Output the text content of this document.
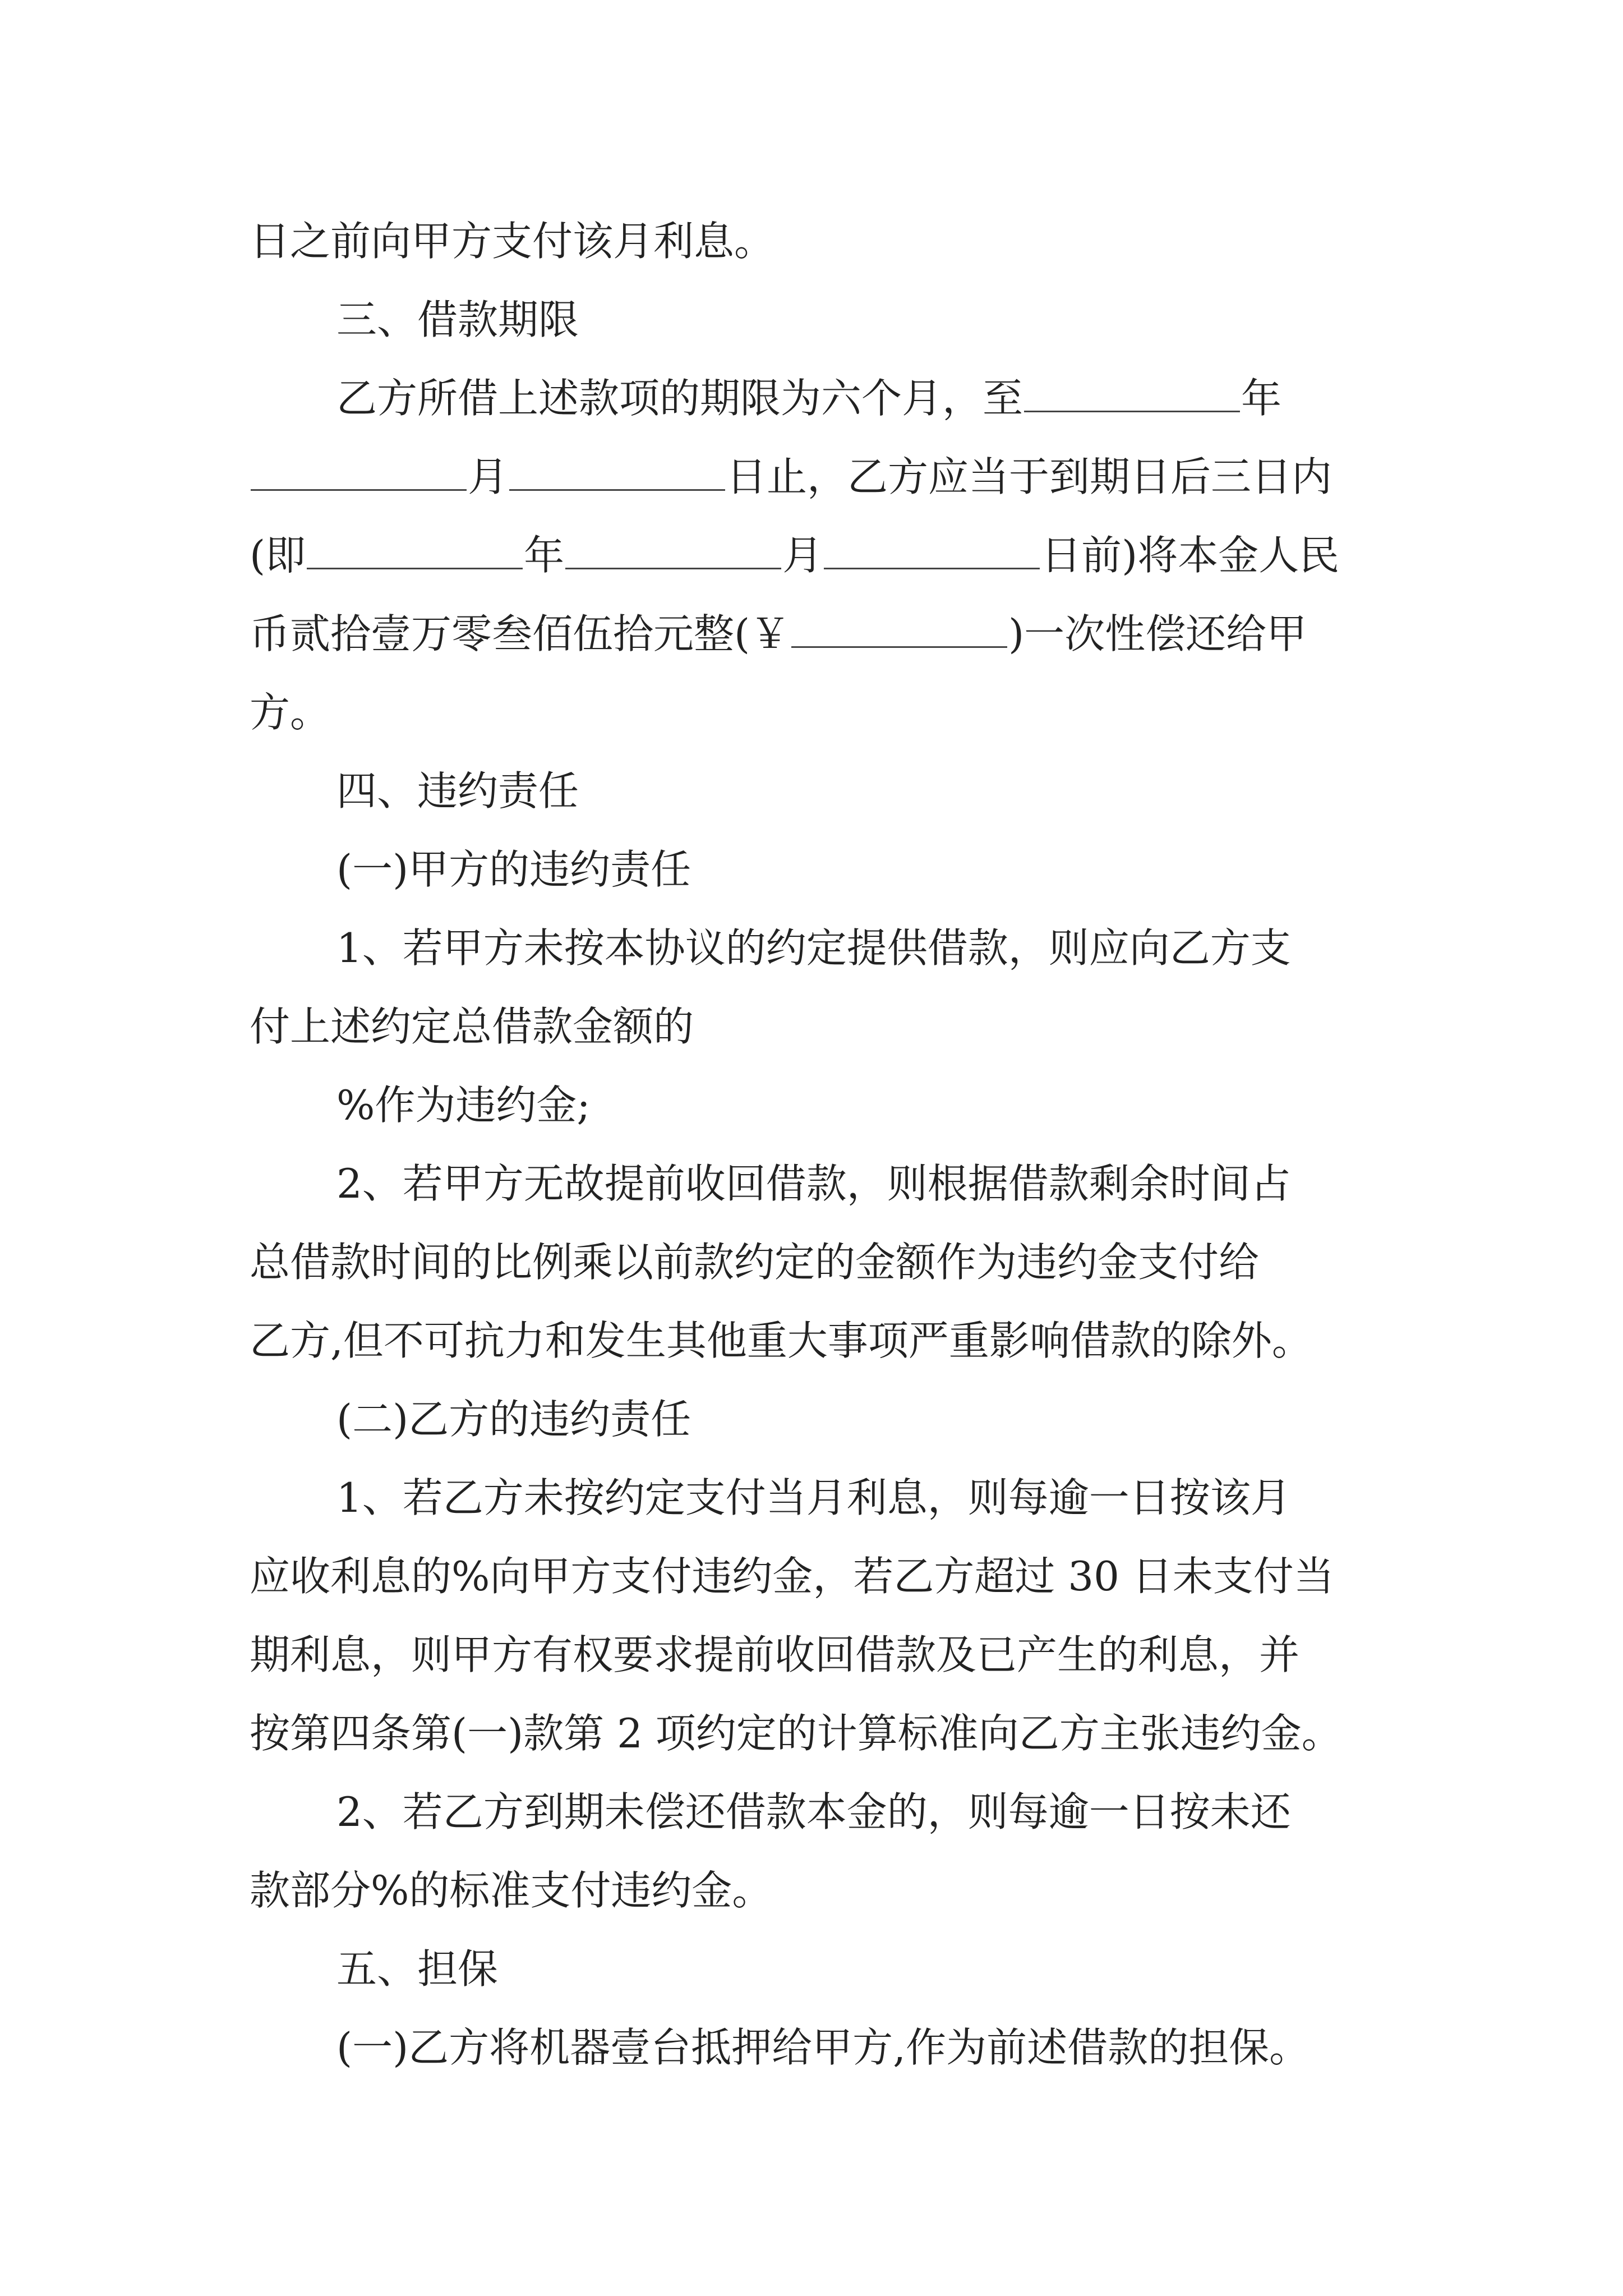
日之前向甲方支付该月利息。
三、借款期限
乙方所借上述款项的期限为六个月，至	年
月	日止，乙方应当于到期日后三日内
(即	年	月	日前)将本金人民
币贰拾壹万零叁佰伍拾元整(￥	)一次性偿还给甲
方。
四、违约责任
(一)甲方的违约责任
1、若甲方未按本协议的约定提供借款，则应向乙方支
付上述约定总借款金额的
%作为违约金;
2、若甲方无故提前收回借款，则根据借款剩余时间占
总借款时间的比例乘以前款约定的金额作为违约金支付给
乙方,但不可抗力和发生其他重大事项严重影响借款的除外。
(二)乙方的违约责任
1、若乙方未按约定支付当月利息，则每逾一日按该月
应收利息的%向甲方支付违约金，若乙方超过 30 日未支付当
期利息，则甲方有权要求提前收回借款及已产生的利息，并
按第四条第(一)款第 2 项约定的计算标准向乙方主张违约金。
2、若乙方到期未偿还借款本金的，则每逾一日按未还
款部分%的标准支付违约金。
五、担保
(一)乙方将机器壹台抵押给甲方,作为前述借款的担保。
